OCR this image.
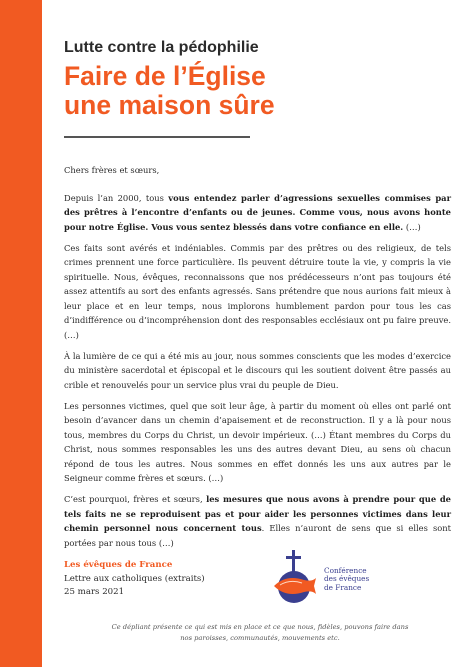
Lutte contre la pédophilie
Faire de l’Église
une maison sûre

Chers frères et sœurs,

Depuis l’an 2000, tous vous entendez parler d’agressions sexuelles commises par des prêtres à l’encontre d’enfants ou de jeunes. Comme vous, nous avons honte pour notre Église. Vous vous sentez blessés dans votre confiance en elle. (…)

Ces faits sont avérés et indéniables. Commis par des prêtres ou des religieux, de tels crimes prennent une force particulière. Ils peuvent détruire toute la vie, y compris la vie spirituelle. Nous, évêques, reconnaissons que nos prédécesseurs n’ont pas toujours été assez attentifs au sort des enfants agressés. Sans prétendre que nous aurions fait mieux à leur place et en leur temps, nous implorons humblement pardon pour tous les cas d’indifférence ou d’incompréhension dont des responsables ecclésiaux ont pu faire preuve. (…)

À la lumière de ce qui a été mis au jour, nous sommes conscients que les modes d’exercice du ministère sacerdotal et épiscopal et le discours qui les soutient doivent être passés au crible et renouvelés pour un service plus vrai du peuple de Dieu.

Les personnes victimes, quel que soit leur âge, à partir du moment où elles ont parlé ont besoin d’avancer dans un chemin d’apaisement et de reconstruction. Il y a là pour nous tous, membres du Corps du Christ, un devoir impérieux. (…) Étant membres du Corps du Christ, nous sommes responsables les uns des autres devant Dieu, au sens où chacun répond de tous les autres. Nous sommes en effet donnés les uns aux autres par le Seigneur comme frères et sœurs. (…)

C’est pourquoi, frères et sœurs, les mesures que nous avons à prendre pour que de tels faits ne se reproduisent pas et pour aider les personnes victimes dans leur chemin personnel nous concernent tous. Elles n’auront de sens que si elles sont portées par nous tous (…)

Les évêques de France
Lettre aux catholiques (extraits)
25 mars 2021
Conférence
des évêques
de France
Ce dépliant présente ce qui est mis en place et ce que nous, fidèles, pouvons faire dans
nos paroisses, communautés, mouvements etc.
